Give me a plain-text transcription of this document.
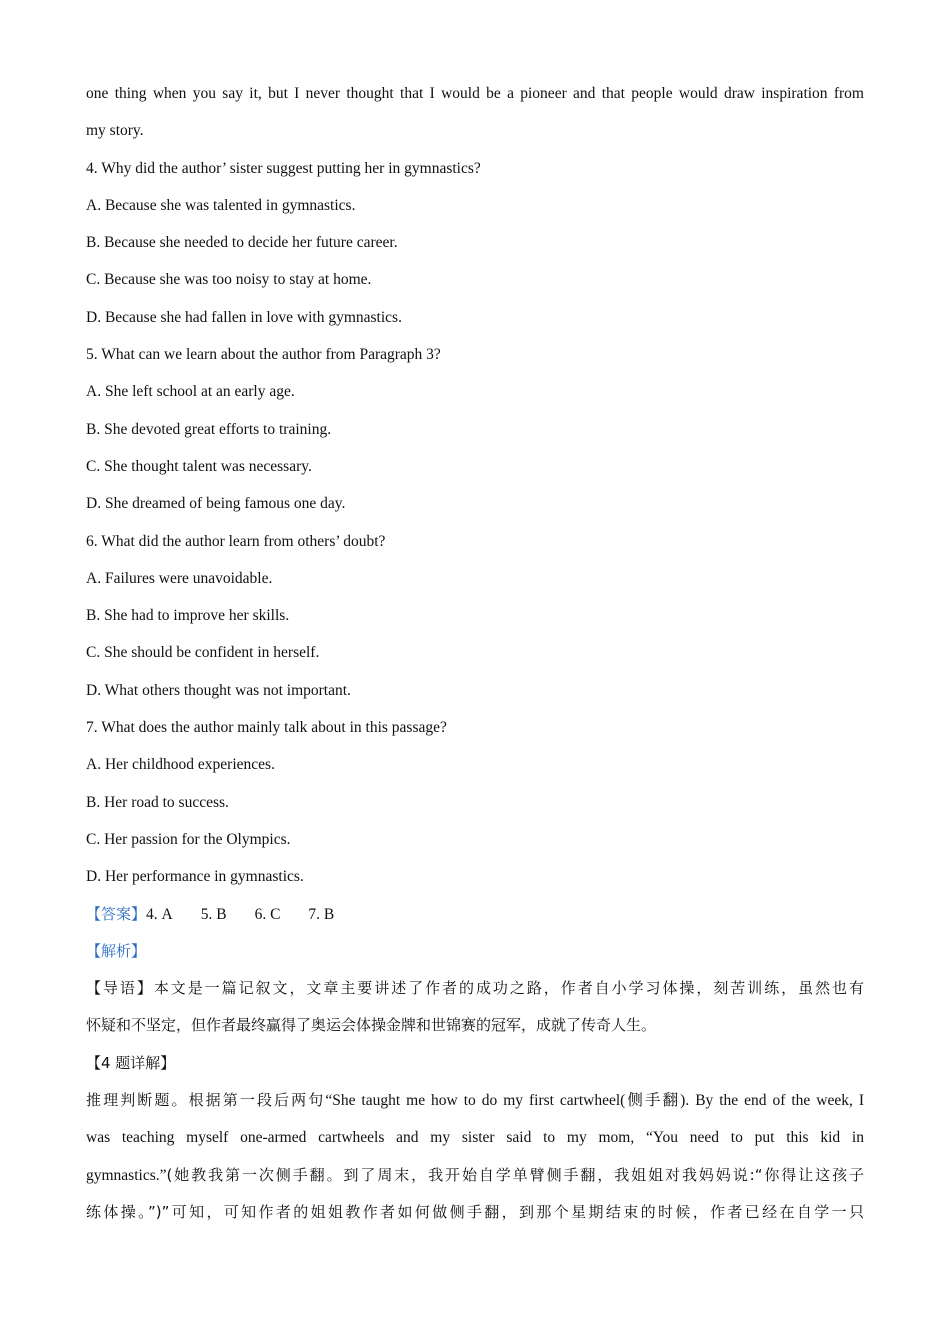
one thing when you say it, but I never thought that I would be a pioneer and that people would draw inspiration from
my story.
4. Why did the author’ sister suggest putting her in gymnastics?
A. Because she was talented in gymnastics.
B. Because she needed to decide her future career.
C. Because she was too noisy to stay at home.
D. Because she had fallen in love with gymnastics.
5. What can we learn about the author from Paragraph 3?
A. She left school at an early age.
B. She devoted great efforts to training.
C. She thought talent was necessary.
D. She dreamed of being famous one day.
6. What did the author learn from others’ doubt?
A. Failures were unavoidable.
B. She had to improve her skills.
C. She should be confident in herself.
D. What others thought was not important.
7. What does the author mainly talk about in this passage?
A. Her childhood experiences.
B. Her road to success.
C. Her passion for the Olympics.
D. Her performance in gymnastics.
【答案】4. A 5. B 6. C 7. B
【解析】
【导语】本文是一篇记叙文，文章主要讲述了作者的成功之路，作者自小学习体操，刻苦训练，虽然也有
怀疑和不坚定，但作者最终赢得了奥运会体操金牌和世锦赛的冠军，成就了传奇人生。
【4 题详解】
推理判断题。根据第一段后两句“She taught me how to do my first cartwheel(侧手翻). By the end of the week, I
was teaching myself one-armed cartwheels and my sister said to my mom, “You need to put this kid in
gymnastics.”(她教我第一次侧手翻。到了周末，我开始自学单臂侧手翻，我姐姐对我妈妈说:“你得让这孩子
练体操。”)”可知，可知作者的姐姐教作者如何做侧手翻，到那个星期结束的时候，作者已经在自学一只
